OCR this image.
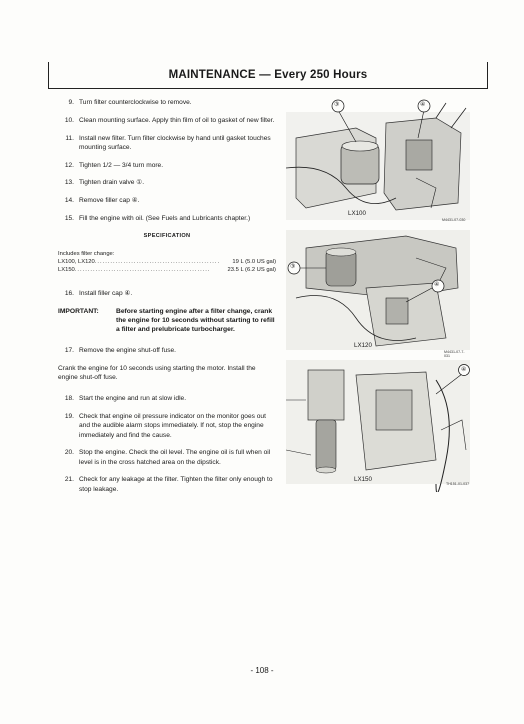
MAINTENANCE — Every 250 Hours
9. Turn filter counterclockwise to remove.
10. Clean mounting surface. Apply thin film of oil to gasket of new filter.
11. Install new filter. Turn filter clockwise by hand until gasket touches mounting surface.
12. Tighten 1/2 — 3/4 turn more.
13. Tighten drain valve ①.
14. Remove filler cap ④.
15. Fill the engine with oil. (See Fuels and Lubricants chapter.)
SPECIFICATION
Includes filter change:
LX100, LX120 ................................................	19 L (5.0 US gal)
LX150 ....................................................	23.5 L (6.2 US gal)
16. Install filler cap ④.
IMPORTANT:	Before starting engine after a filter change, crank the engine for 10 seconds without starting to refill a filter and prelubricate turbocharger.
17. Remove the engine shut-off fuse.
Crank the engine for 10 seconds using starting the motor. Install the engine shut-off fuse.
18. Start the engine and run at slow idle.
19. Check that engine oil pressure indicator on the monitor goes out and the audible alarm stops immediately. If not, stop the engine immediately and find the cause.
20. Stop the engine. Check the oil level. The engine oil is full when oil level is in the cross hatched area on the dipstick.
21. Check for any leakage at the filter. Tighten the filter only enough to stop leakage.
LX100
M4431-07-030
③	④
LX120
M4431-07-7-031
③
④
LX150
TH151-01-037
④
- 108 -
